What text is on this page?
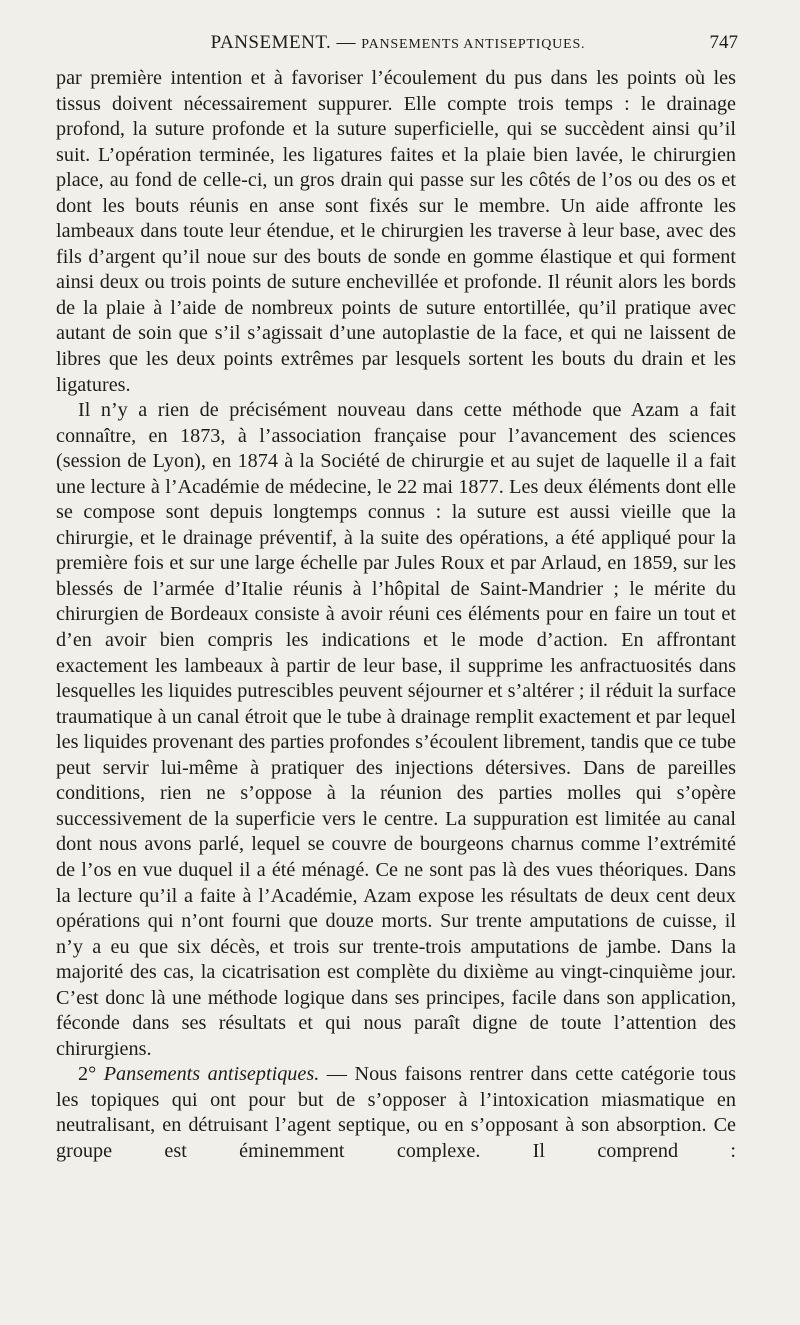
PANSEMENT. — PANSEMENTS ANTISEPTIQUES.	747

par première intention et à favoriser l’écoulement du pus dans les points où les tissus doivent nécessairement suppurer. Elle compte trois temps : le drainage profond, la suture profonde et la suture superficielle, qui se succèdent ainsi qu’il suit. L’opération terminée, les ligatures faites et la plaie bien lavée, le chirurgien place, au fond de celle-ci, un gros drain qui passe sur les côtés de l’os ou des os et dont les bouts réunis en anse sont fixés sur le membre. Un aide affronte les lambeaux dans toute leur étendue, et le chirurgien les traverse à leur base, avec des fils d’argent qu’il noue sur des bouts de sonde en gomme élastique et qui forment ainsi deux ou trois points de suture enchevillée et profonde. Il réunit alors les bords de la plaie à l’aide de nombreux points de suture entortillée, qu’il pratique avec autant de soin que s’il s’agissait d’une autoplastie de la face, et qui ne laissent de libres que les deux points extrêmes par lesquels sortent les bouts du drain et les ligatures.

Il n’y a rien de précisément nouveau dans cette méthode que Azam a fait connaître, en 1873, à l’association française pour l’avancement des sciences (session de Lyon), en 1874 à la Société de chirurgie et au sujet de laquelle il a fait une lecture à l’Académie de médecine, le 22 mai 1877. Les deux éléments dont elle se compose sont depuis longtemps connus : la suture est aussi vieille que la chirurgie, et le drainage préventif, à la suite des opérations, a été appliqué pour la première fois et sur une large échelle par Jules Roux et par Arlaud, en 1859, sur les blessés de l’armée d’Italie réunis à l’hôpital de Saint-Mandrier ; le mérite du chirurgien de Bordeaux consiste à avoir réuni ces éléments pour en faire un tout et d’en avoir bien compris les indications et le mode d’action. En affrontant exactement les lambeaux à partir de leur base, il supprime les anfractuosités dans lesquelles les liquides putrescibles peuvent séjourner et s’altérer ; il réduit la surface traumatique à un canal étroit que le tube à drainage remplit exactement et par lequel les liquides provenant des parties profondes s’écoulent librement, tandis que ce tube peut servir lui-même à pratiquer des injections détersives. Dans de pareilles conditions, rien ne s’oppose à la réunion des parties molles qui s’opère successivement de la superficie vers le centre. La suppuration est limitée au canal dont nous avons parlé, lequel se couvre de bourgeons charnus comme l’extrémité de l’os en vue duquel il a été ménagé. Ce ne sont pas là des vues théoriques. Dans la lecture qu’il a faite à l’Académie, Azam expose les résultats de deux cent deux opérations qui n’ont fourni que douze morts. Sur trente amputations de cuisse, il n’y a eu que six décès, et trois sur trente-trois amputations de jambe. Dans la majorité des cas, la cicatrisation est complète du dixième au vingt-cinquième jour. C’est donc là une méthode logique dans ses principes, facile dans son application, féconde dans ses résultats et qui nous paraît digne de toute l’attention des chirurgiens.

2° Pansements antiseptiques. — Nous faisons rentrer dans cette catégorie tous les topiques qui ont pour but de s’opposer à l’intoxication miasmatique en neutralisant, en détruisant l’agent septique, ou en s’opposant à son absorption. Ce groupe est éminemment complexe. Il comprend :
